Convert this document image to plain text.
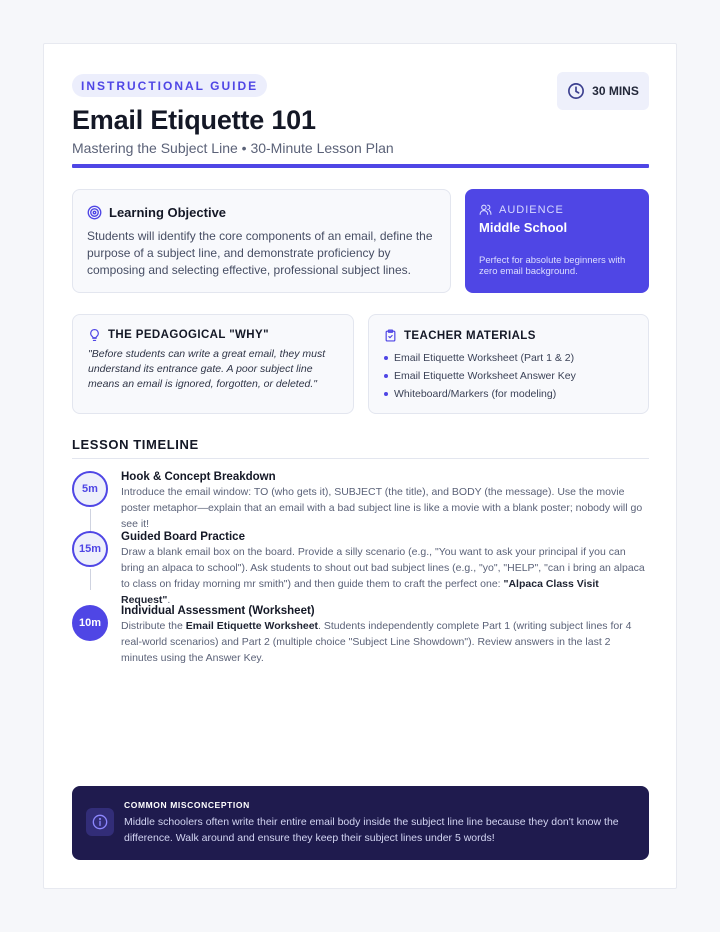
INSTRUCTIONAL GUIDE
Email Etiquette 101
Mastering the Subject Line • 30-Minute Lesson Plan
30 MINS
Learning Objective

Students will identify the core components of an email, define the purpose of a subject line, and demonstrate proficiency by composing and selecting effective, professional subject lines.

AUDIENCE
Middle School

Perfect for absolute beginners with zero email background.

THE PEDAGOGICAL "WHY"

"Before students can write a great email, they must understand its entrance gate. A poor subject line means an email is ignored, forgotten, or deleted."

TEACHER MATERIALS
Email Etiquette Worksheet (Part 1 & 2)
Email Etiquette Worksheet Answer Key
Whiteboard/Markers (for modeling)
LESSON TIMELINE
5m
Hook & Concept Breakdown

Introduce the email window: TO (who gets it), SUBJECT (the title), and BODY (the message). Use the movie poster metaphor—explain that an email with a bad subject line is like a movie with a blank poster; nobody will go see it!

15m
Guided Board Practice

Draw a blank email box on the board. Provide a silly scenario (e.g., "You want to ask your principal if you can bring an alpaca to school"). Ask students to shout out bad subject lines (e.g., "yo", "HELP", "can i bring an alpaca to class on friday morning mr smith") and then guide them to craft the perfect one: "Alpaca Class Visit Request".

10m
Individual Assessment (Worksheet)

Distribute the Email Etiquette Worksheet. Students independently complete Part 1 (writing subject lines for 4 real-world scenarios) and Part 2 (multiple choice "Subject Line Showdown"). Review answers in the last 2 minutes using the Answer Key.

COMMON MISCONCEPTION

Middle schoolers often write their entire email body inside the subject line line because they don't know the difference. Walk around and ensure they keep their subject lines under 5 words!
